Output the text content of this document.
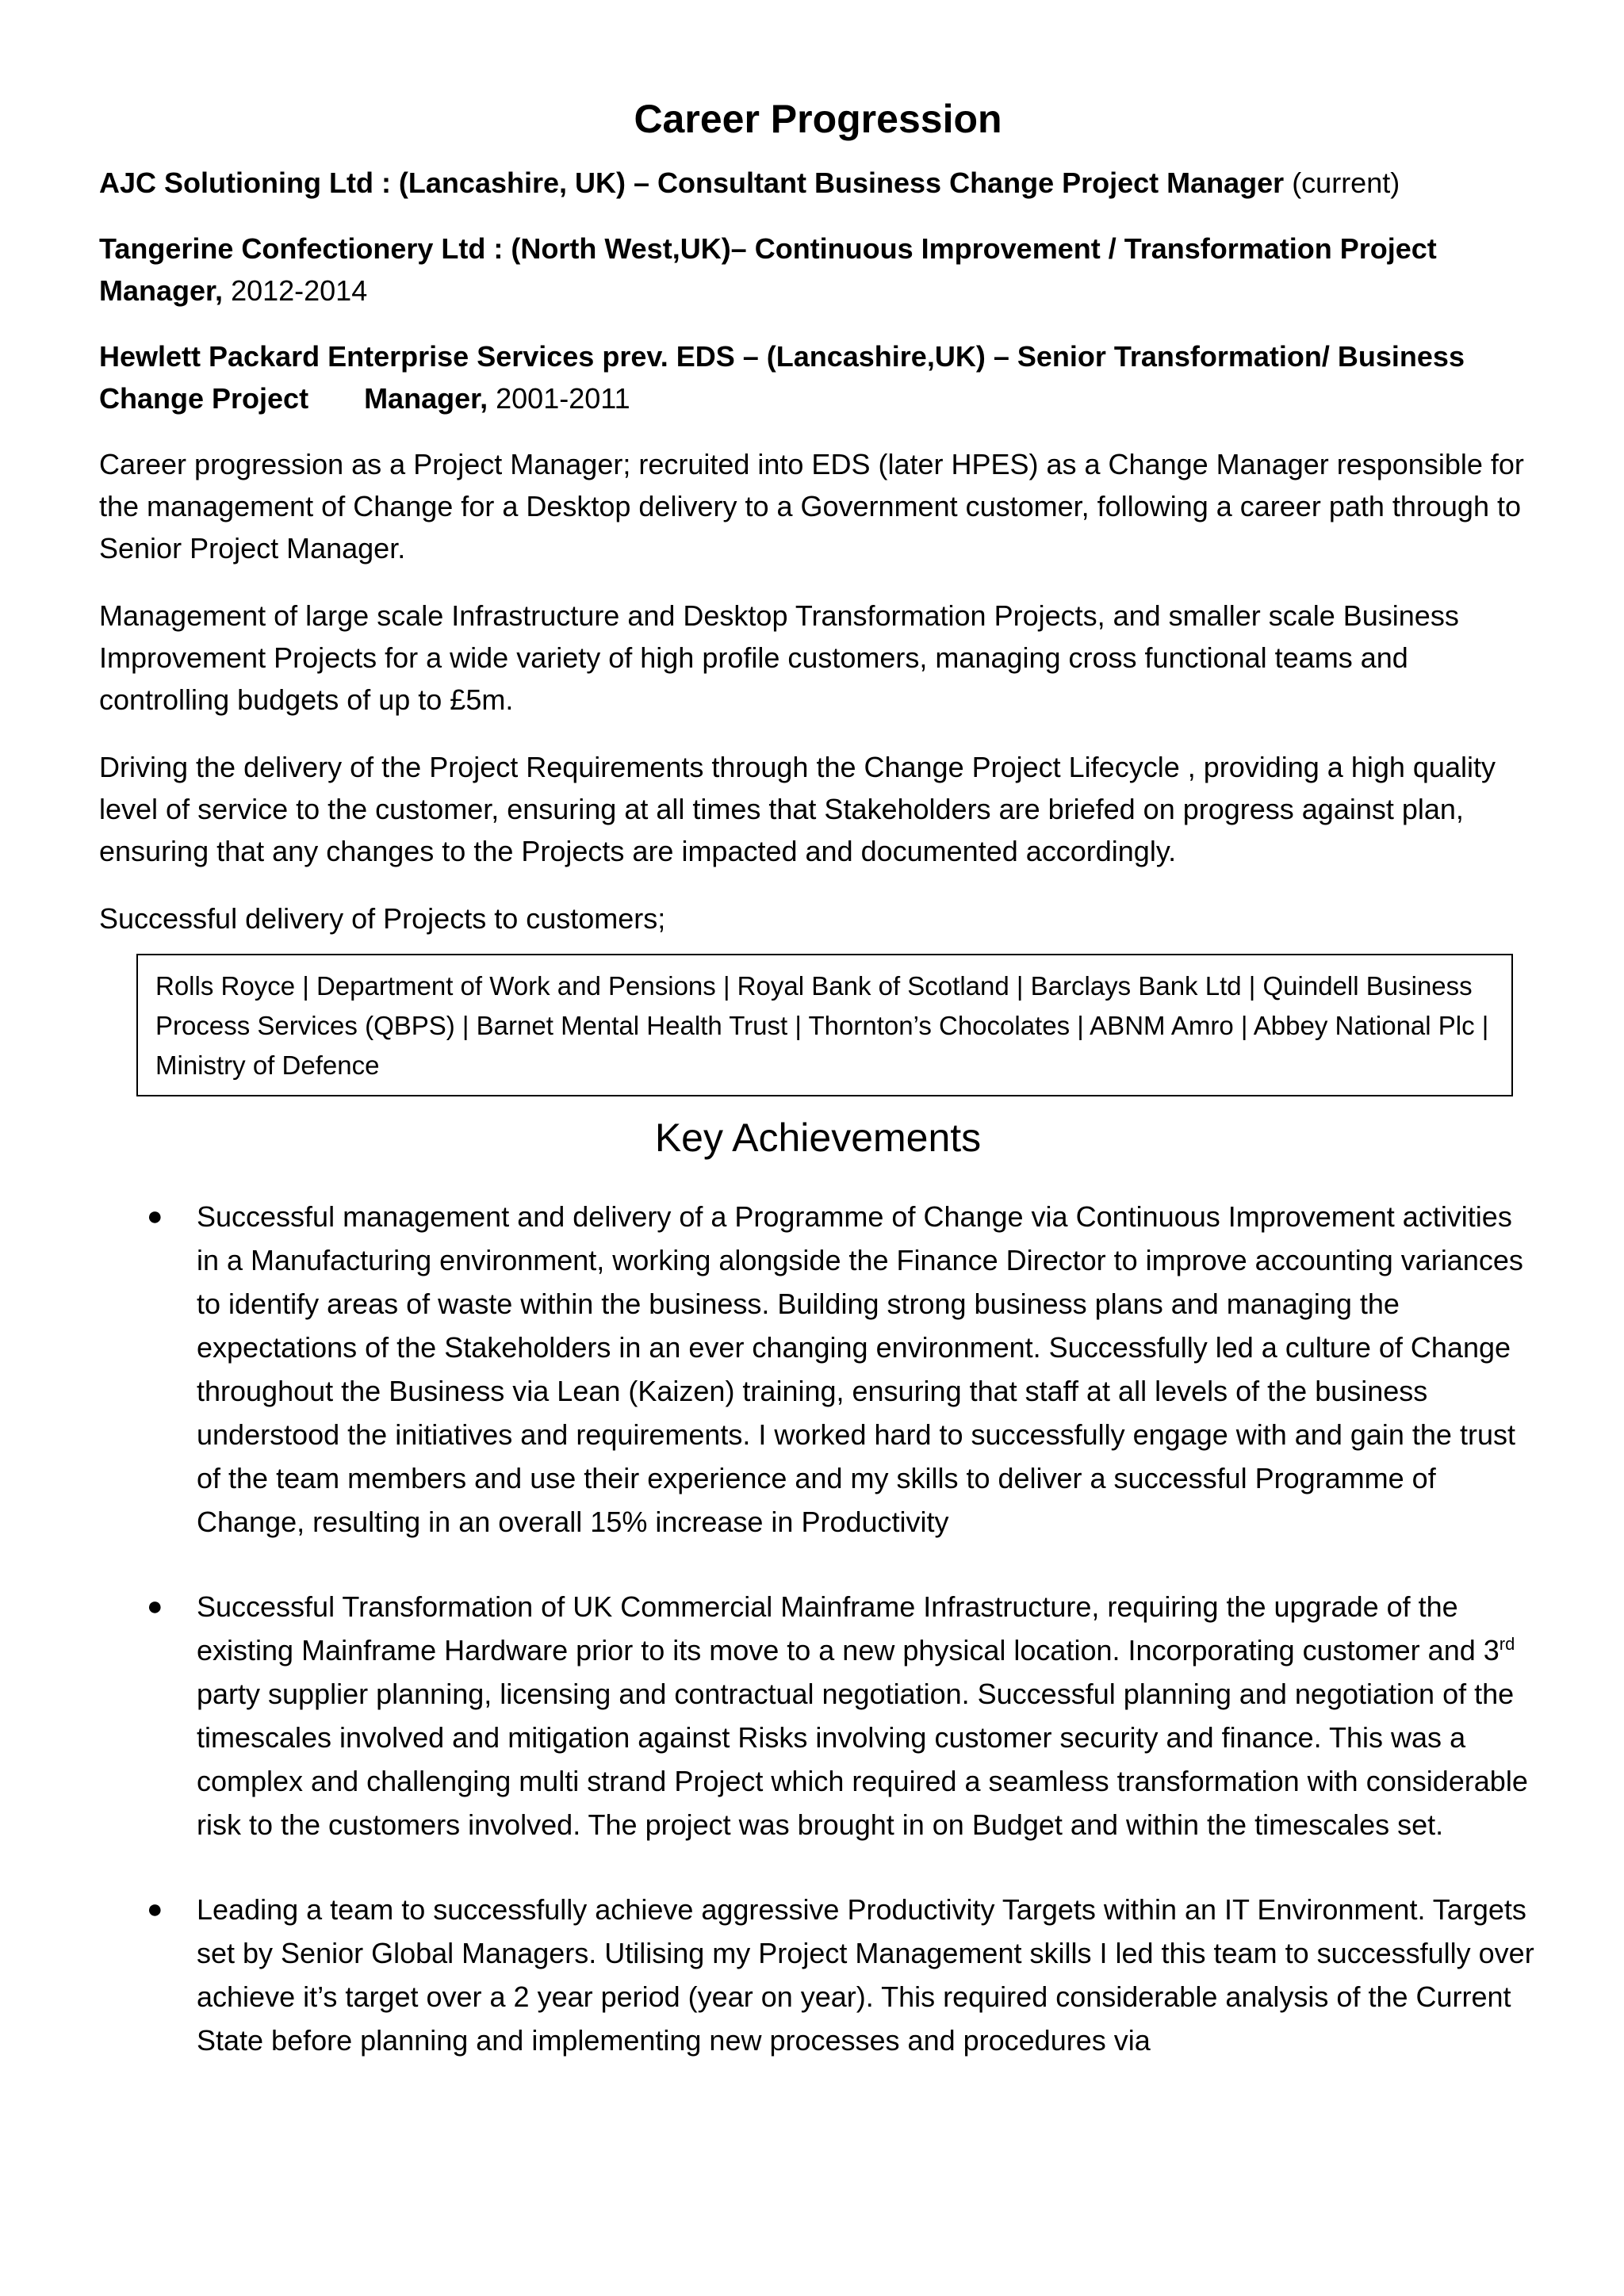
Career Progression
AJC Solutioning Ltd : (Lancashire, UK) – Consultant Business Change Project Manager (current)
Tangerine Confectionery Ltd : (North West,UK)– Continuous Improvement / Transformation Project Manager, 2012-2014
Hewlett Packard Enterprise Services prev. EDS – (Lancashire,UK) – Senior Transformation/ Business Change Project       Manager, 2001-2011

Career progression as a Project Manager; recruited into EDS (later HPES) as a Change Manager responsible for the management of Change for a Desktop delivery to a Government customer, following a career path through to Senior Project Manager.

Management of large scale Infrastructure and Desktop Transformation Projects, and smaller scale Business Improvement Projects for a wide variety of high profile customers, managing cross functional teams and controlling budgets of up to £5m.

Driving the delivery of the Project Requirements through the Change Project Lifecycle , providing a high quality level of service to the customer, ensuring at all times that Stakeholders are briefed on progress against plan, ensuring that any changes to the Projects are impacted and documented accordingly.

Successful delivery of Projects to customers;

Rolls Royce | Department of Work and Pensions | Royal Bank of Scotland | Barclays Bank Ltd | Quindell Business Process Services (QBPS) | Barnet Mental Health Trust | Thornton’s Chocolates | ABNM Amro | Abbey National Plc | Ministry of Defence
Key Achievements
● Successful management and delivery of a Programme of Change via Continuous Improvement activities in a Manufacturing environment, working alongside the Finance Director to improve accounting variances to identify areas of waste within the business. Building strong business plans and managing the expectations of the Stakeholders in an ever changing environment. Successfully led a culture of Change throughout the Business via Lean (Kaizen) training, ensuring that staff at all levels of the business understood the initiatives and requirements. I worked hard to successfully engage with and gain the trust of the team members and use their experience and my skills to deliver a successful Programme of Change, resulting in an overall 15% increase in Productivity
● Successful Transformation of UK Commercial Mainframe Infrastructure, requiring the upgrade of the existing Mainframe Hardware prior to its move to a new physical location. Incorporating customer and 3rd party supplier planning, licensing and contractual negotiation. Successful planning and negotiation of the timescales involved and mitigation against Risks involving customer security and finance. This was a complex and challenging multi strand Project which required a seamless transformation with considerable risk to the customers involved. The project was brought in on Budget and within the timescales set.
● Leading a team to successfully achieve aggressive Productivity Targets within an IT Environment. Targets set by Senior Global Managers. Utilising my Project Management skills I led this team to successfully over achieve it’s target over a 2 year period (year on year). This required considerable analysis of the Current State before planning and implementing new processes and procedures via
